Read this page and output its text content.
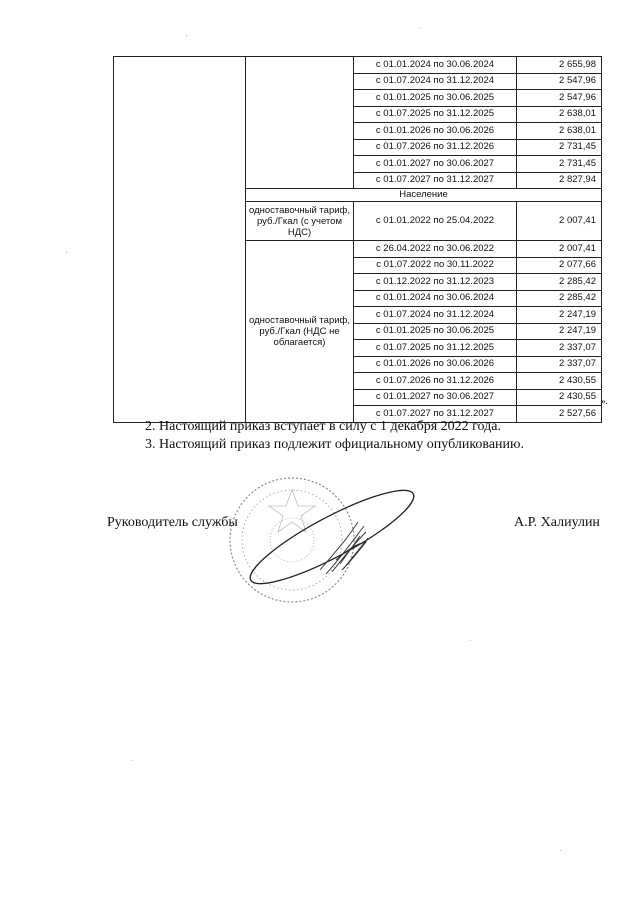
		с 01.01.2024 по 30.06.2024	2 655,98
		с 01.07.2024 по 31.12.2024	2 547,96
		с 01.01.2025 по 30.06.2025	2 547,96
		с 01.07.2025 по 31.12.2025	2 638,01
		с 01.01.2026 по 30.06.2026	2 638,01
		с 01.07.2026 по 31.12.2026	2 731,45
		с 01.01.2027 по 30.06.2027	2 731,45
		с 01.07.2027 по 31.12.2027	2 827,94
	Население		
	одноставочный тариф, руб./Гкал (с учетом НДС)	с 01.01.2022 по 25.04.2022	2 007,41
	одноставочный тариф, руб./Гкал (НДС не облагается)	с 26.04.2022 по 30.06.2022	2 007,41
		с 01.07.2022 по 30.11.2022	2 077,66
		с 01.12.2022 по 31.12.2023	2 285,42
		с 01.01.2024 по 30.06.2024	2 285,42
		с 01.07.2024 по 31.12.2024	2 247,19
		с 01.01.2025 по 30.06.2025	2 247,19
		с 01.07.2025 по 31.12.2025	2 337,07
		с 01.01.2026 по 30.06.2026	2 337,07
		с 01.07.2026 по 31.12.2026	2 430,55
		с 01.01.2027 по 30.06.2027	2 430,55
		с 01.07.2027 по 31.12.2027	2 527,56
».
2. Настоящий приказ вступает в силу с 1 декабря 2022 года.
3. Настоящий приказ подлежит официальному опубликованию.
Руководитель службы	А.Р. Халиулин
